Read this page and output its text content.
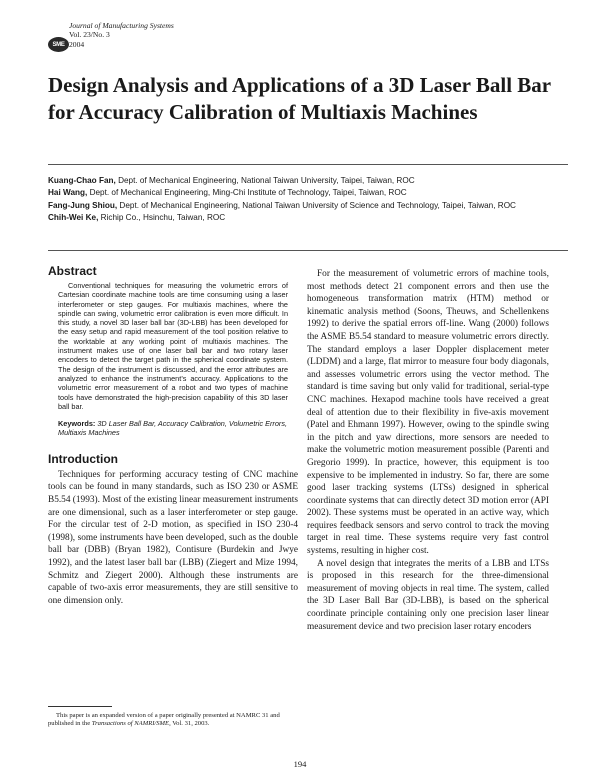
SME
Journal of Manufacturing Systems
Vol. 23/No. 3
2004
Design Analysis and Applications of a 3D Laser Ball Bar for Accuracy Calibration of Multiaxis Machines

Kuang-Chao Fan, Dept. of Mechanical Engineering, National Taiwan University, Taipei, Taiwan, ROC

Hai Wang, Dept. of Mechanical Engineering, Ming-Chi Institute of Technology, Taipei, Taiwan, ROC

Fang-Jung Shiou, Dept. of Mechanical Engineering, National Taiwan University of Science and Technology, Taipei, Taiwan, ROC

Chih-Wei Ke, Richip Co., Hsinchu, Taiwan, ROC

Abstract

Conventional techniques for measuring the volumetric errors of Cartesian coordinate machine tools are time consuming using a laser interferometer or step gauges. For multiaxis machines, where the spindle can swing, volumetric error calibration is even more difficult. In this study, a novel 3D laser ball bar (3D-LBB) has been developed for the easy setup and rapid measurement of the tool position relative to the worktable at any working point of multiaxis machines. The instrument makes use of one laser ball bar and two rotary laser encoders to detect the target path in the spherical coordinate system. The design of the instrument is discussed, and the error attributes are analyzed to enhance the instrument’s accuracy. Applications to the volumetric error measurement of a robot and two types of machine tools have demonstrated the high-precision capability of this 3D laser ball bar.

Keywords: 3D Laser Ball Bar, Accuracy Calibration, Volumetric Errors, Multiaxis Machines

Introduction

Techniques for performing accuracy testing of CNC machine tools can be found in many standards, such as ISO 230 or ASME B5.54 (1993). Most of the existing linear measurement instruments are one dimensional, such as a laser interferometer or step gauge. For the circular test of 2-D motion, as specified in ISO 230-4 (1998), some instruments have been developed, such as the double ball bar (DBB) (Bryan 1982), Contisure (Burdekin and Jwye 1992), and the latest laser ball bar (LBB) (Ziegert and Mize 1994, Schmitz and Ziegert 2000). Although these instruments are capable of two-axis error measurements, they are still sensitive to one dimension only.

For the measurement of volumetric errors of machine tools, most methods detect 21 component errors and then use the homogeneous transformation matrix (HTM) method or kinematic analysis method (Soons, Theuws, and Schellenkens 1992) to derive the spatial errors off-line. Wang (2000) follows the ASME B5.54 standard to measure volumetric errors directly. The standard employs a laser Doppler displacement meter (LDDM) and a large, flat mirror to measure four body diagonals, and assesses volumetric errors using the vector method. The standard is time saving but only valid for traditional, serial-type CNC machines. Hexapod machine tools have received a great deal of attention due to their flexibility in five-axis movement (Patel and Ehmann 1997). However, owing to the spindle swing in the pitch and yaw directions, more sensors are needed to make the volumetric motion measurement possible (Parenti and Gregorio 1999). In practice, however, this equipment is too expensive to be implemented in industry. So far, there are some good laser tracking systems (LTSs) designed in spherical coordinate systems that can directly detect 3D motion error (API 2002). These systems must be operated in an active way, which requires feedback sensors and servo control to track the moving target in real time. These systems require very fast control systems, resulting in higher cost.

A novel design that integrates the merits of a LBB and LTSs is proposed in this research for the three-dimensional measurement of moving objects in real time. The system, called the 3D Laser Ball Bar (3D-LBB), is based on the spherical coordinate principle containing only one precision laser linear measurement device and two precision laser rotary encoders

This paper is an expanded version of a paper originally presented at NAMRC 31 and published in the Transactions of NAMRI/SME, Vol. 31, 2003.

194
